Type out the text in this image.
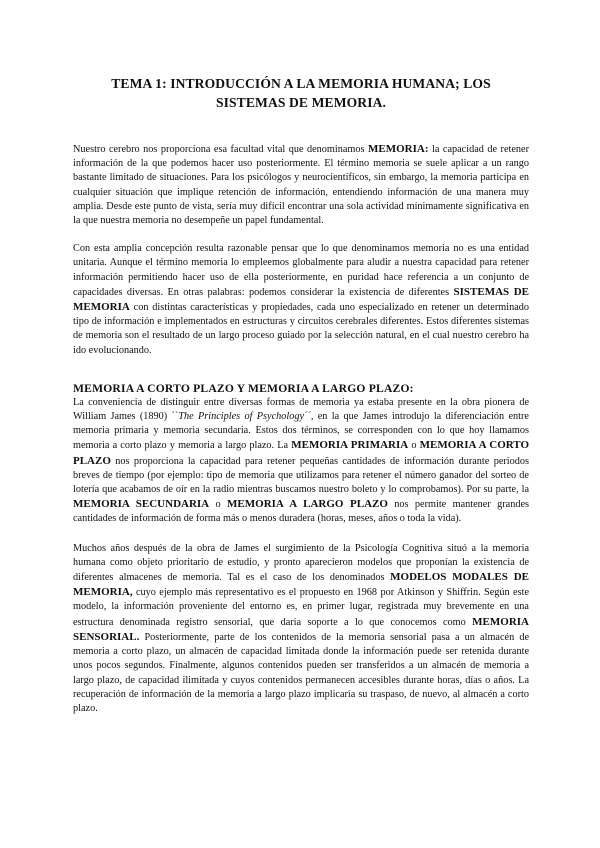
TEMA 1: INTRODUCCIÓN A LA MEMORIA HUMANA; LOS
SISTEMAS DE MEMORIA.

Nuestro cerebro nos proporciona esa facultad vital que denominamos MEMORIA: la capacidad de retener información de la que podemos hacer uso posteriormente. El término memoria se suele aplicar a un rango bastante limitado de situaciones. Para los psicólogos y neurocientíficos, sin embargo, la memoria participa en cualquier situación que implique retención de información, entendiendo información de una manera muy amplia. Desde este punto de vista, sería muy difícil encontrar una sola actividad mínimamente significativa en la que nuestra memoria no desempeñe un papel fundamental.

Con esta amplia concepción resulta razonable pensar que lo que denominamos memoria no es una entidad unitaria. Aunque el término memoria lo empleemos globalmente para aludir a nuestra capacidad para retener información permitiendo hacer uso de ella posteriormente, en puridad hace referencia a un conjunto de capacidades diversas. En otras palabras: podemos considerar la existencia de diferentes SISTEMAS DE MEMORIA con distintas características y propiedades, cada uno especializado en retener un determinado tipo de información e implementados en estructuras y circuitos cerebrales diferentes. Estos diferentes sistemas de memoria son el resultado de un largo proceso guiado por la selección natural, en el cual nuestro cerebro ha ido evolucionando.

MEMORIA A CORTO PLAZO Y MEMORIA A LARGO PLAZO:

La conveniencia de distinguir entre diversas formas de memoria ya estaba presente en la obra pionera de William James (1890) ``The Principles of Psychology´´, en la que James introdujo la diferenciación entre memoria primaria y memoria secundaria. Estos dos términos, se corresponden con lo que hoy llamamos memoria a corto plazo y memoria a largo plazo. La MEMORIA PRIMARIA o MEMORIA A CORTO PLAZO nos proporciona la capacidad para retener pequeñas cantidades de información durante periodos breves de tiempo (por ejemplo: tipo de memoria que utilizamos para retener el número ganador del sorteo de lotería que acabamos de oír en la radio mientras buscamos nuestro boleto y lo comprobamos). Por su parte, la MEMORIA SECUNDARIA o MEMORIA A LARGO PLAZO nos permite mantener grandes cantidades de información de forma más o menos duradera (horas, meses, años o toda la vida).

Muchos años después de la obra de James el surgimiento de la Psicología Cognitiva situó a la memoria humana como objeto prioritario de estudio, y pronto aparecieron modelos que proponían la existencia de diferentes almacenes de memoria. Tal es el caso de los denominados MODELOS MODALES DE MEMORIA, cuyo ejemplo más representativo es el propuesto en 1968 por Atkinson y Shiffrin. Según este modelo, la información proveniente del entorno es, en primer lugar, registrada muy brevemente en una estructura denominada registro sensorial, que daría soporte a lo que conocemos como MEMORIA SENSORIAL. Posteriormente, parte de los contenidos de la memoria sensorial pasa a un almacén de memoria a corto plazo, un almacén de capacidad limitada donde la información puede ser retenida durante unos pocos segundos. Finalmente, algunos contenidos pueden ser transferidos a un almacén de memoria a largo plazo, de capacidad ilimitada y cuyos contenidos permanecen accesibles durante horas, días o años. La recuperación de información de la memoria a largo plazo implicaría su traspaso, de nuevo, al almacén a corto plazo.
